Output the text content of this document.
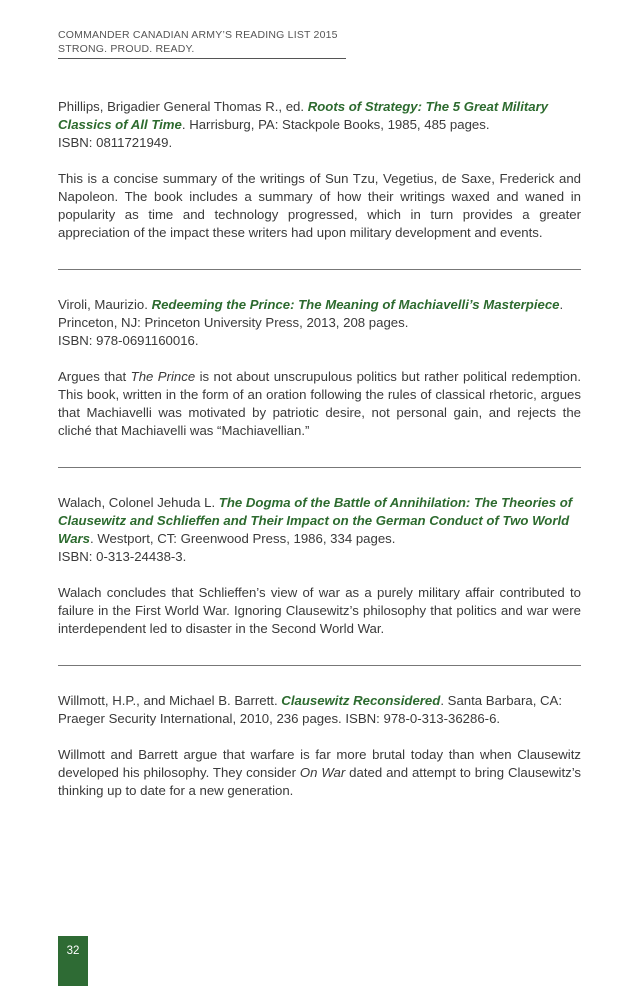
COMMANDER CANADIAN ARMY’S READING LIST 2015
STRONG. PROUD. READY.

Phillips, Brigadier General Thomas R., ed. Roots of Strategy: The 5 Great Military Classics of All Time. Harrisburg, PA: Stackpole Books, 1985, 485 pages.
ISBN: 0811721949.

This is a concise summary of the writings of Sun Tzu, Vegetius, de Saxe, Frederick and Napoleon. The book includes a summary of how their writings waxed and waned in popularity as time and technology progressed, which in turn provides a greater appreciation of the impact these writers had upon military development and events.

Viroli, Maurizio. Redeeming the Prince: The Meaning of Machiavelli’s Masterpiece. Princeton, NJ: Princeton University Press, 2013, 208 pages.
ISBN: 978-0691160016.

Argues that The Prince is not about unscrupulous politics but rather political redemption. This book, written in the form of an oration following the rules of classical rhetoric, argues that Machiavelli was motivated by patriotic desire, not personal gain, and rejects the cliché that Machiavelli was “Machiavellian.”

Walach, Colonel Jehuda L. The Dogma of the Battle of Annihilation: The Theories of Clausewitz and Schlieffen and Their Impact on the German Conduct of Two World Wars. Westport, CT: Greenwood Press, 1986, 334 pages.
ISBN: 0-313-24438-3.

Walach concludes that Schlieffen’s view of war as a purely military affair contributed to failure in the First World War. Ignoring Clausewitz’s philosophy that politics and war were interdependent led to disaster in the Second World War.

Willmott, H.P., and Michael B. Barrett. Clausewitz Reconsidered. Santa Barbara, CA: Praeger Security International, 2010, 236 pages. ISBN: 978-0-313-36286-6.

Willmott and Barrett argue that warfare is far more brutal today than when Clausewitz developed his philosophy. They consider On War dated and attempt to bring Clausewitz’s thinking up to date for a new generation.

32
